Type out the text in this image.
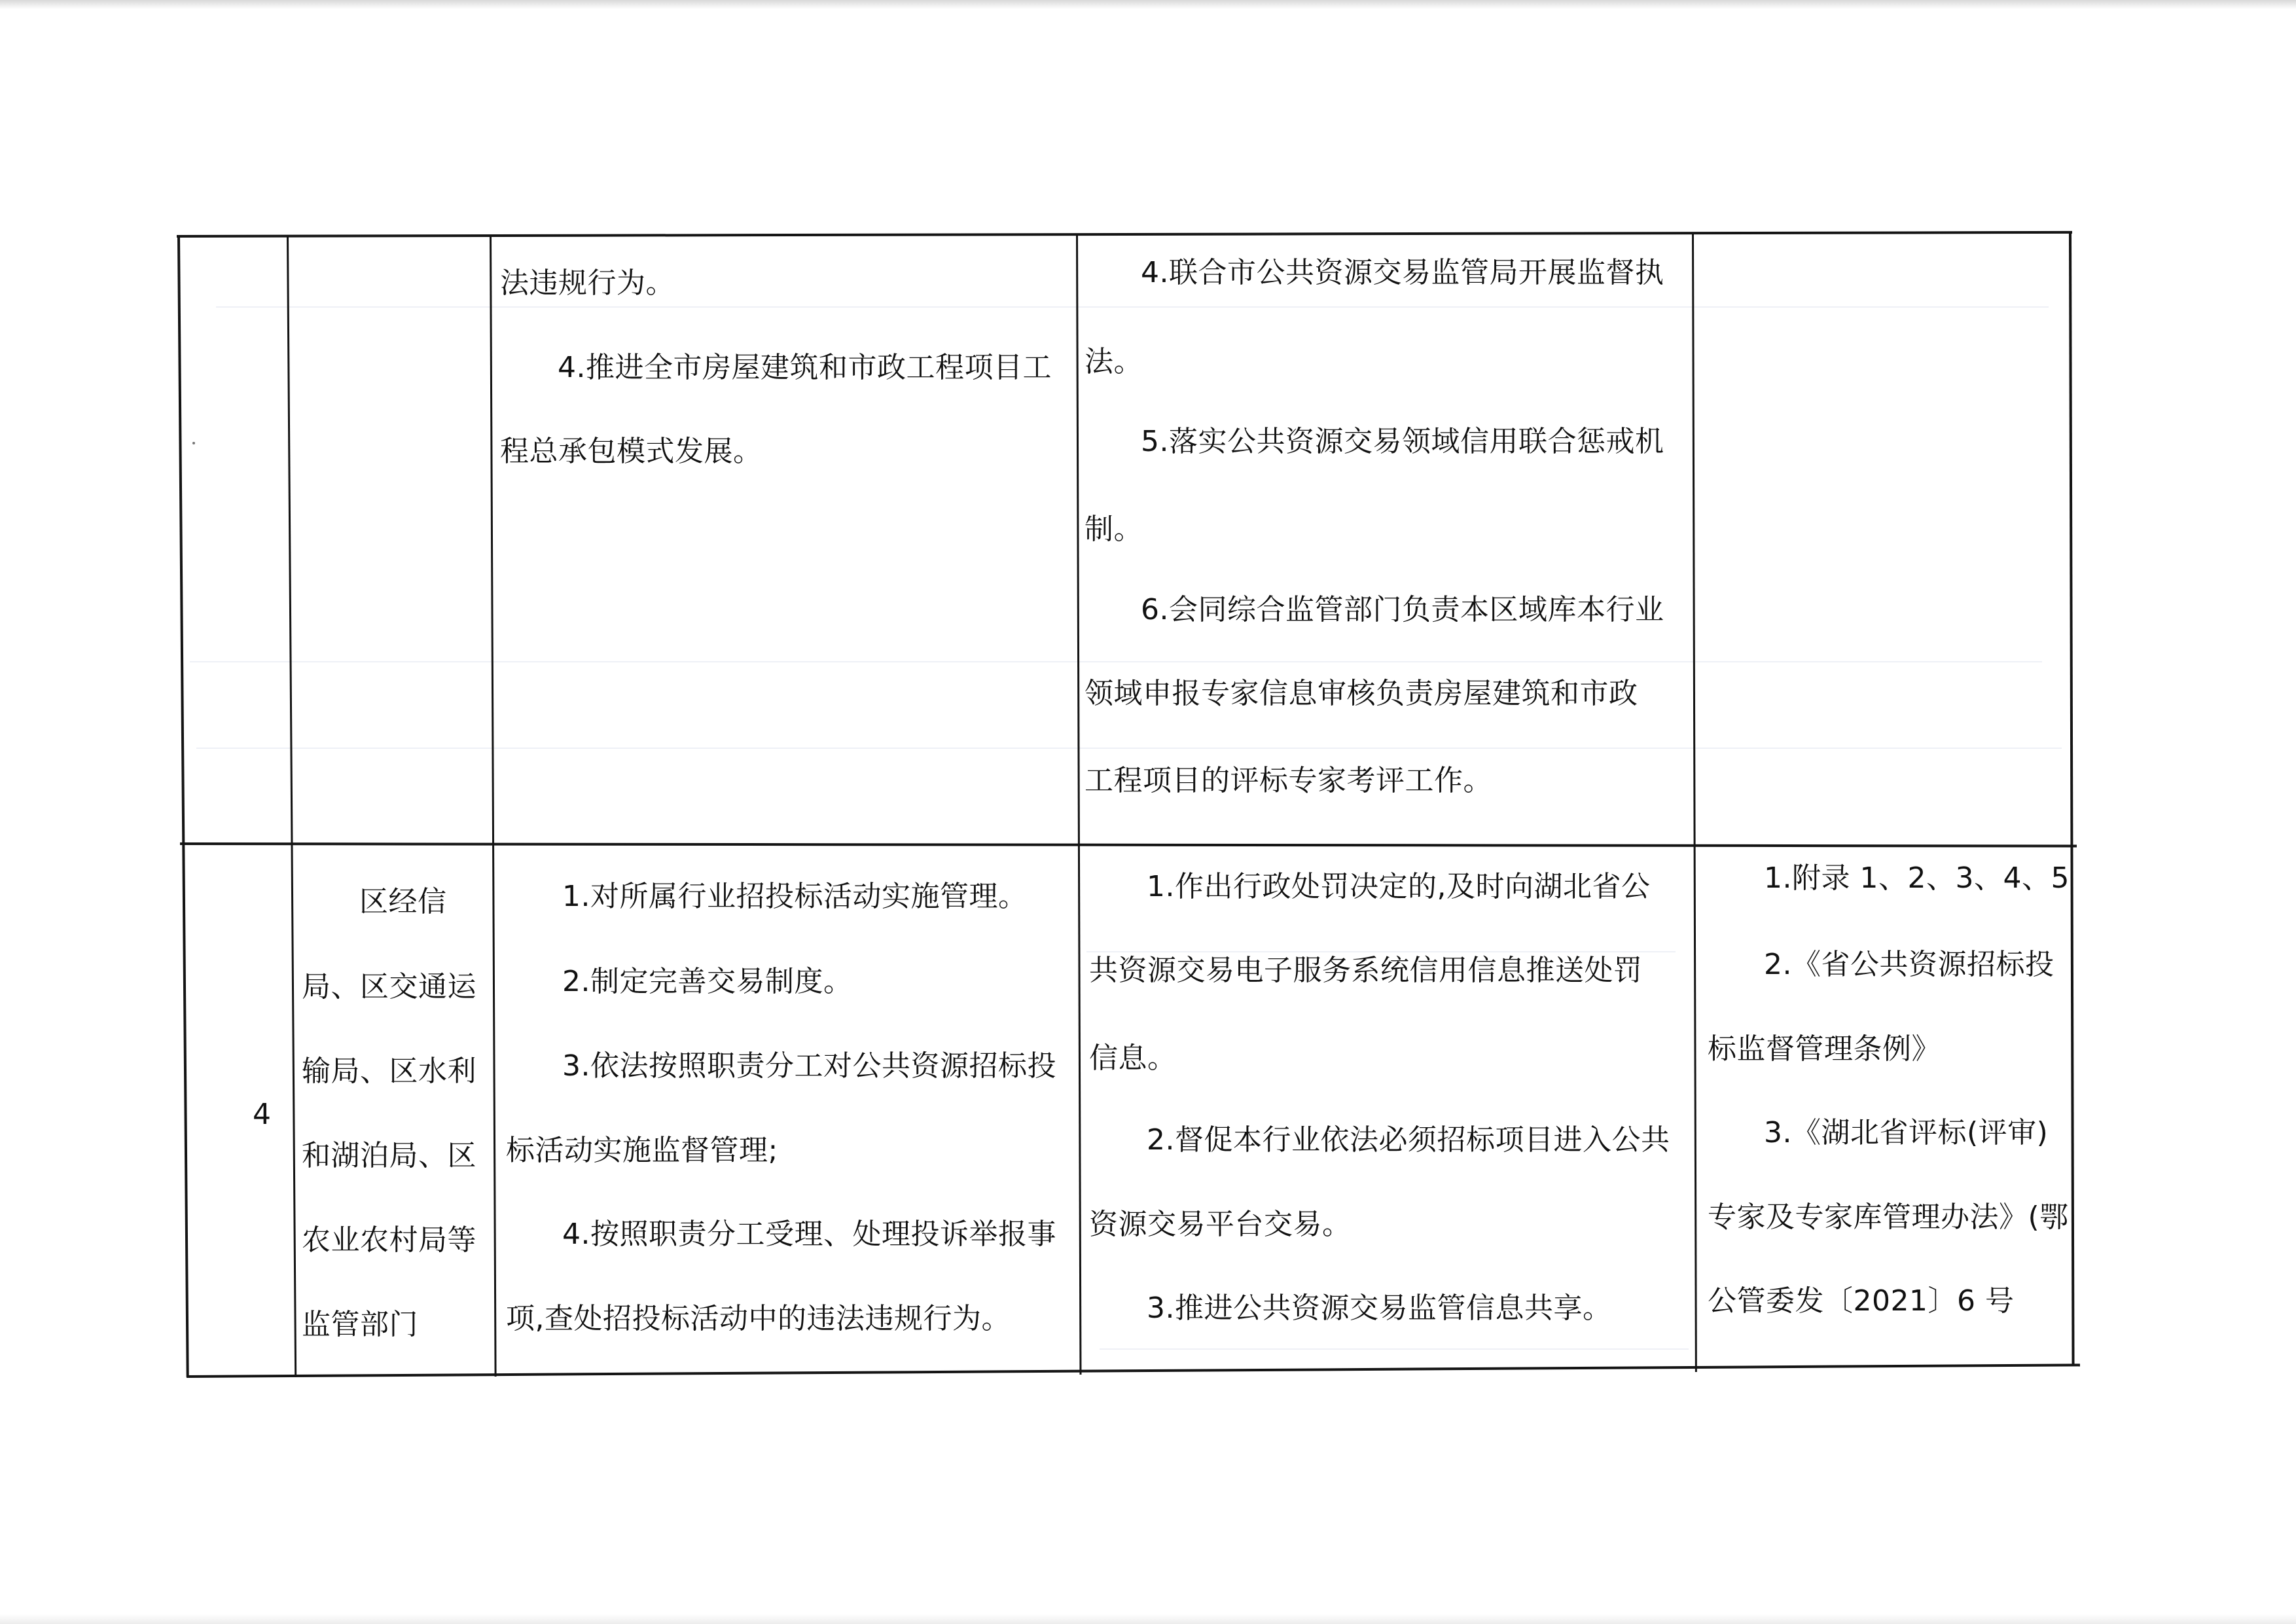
法违规行为。
4.推进全市房屋建筑和市政工程项目工
程总承包模式发展。
4.联合市公共资源交易监管局开展监督执
法。
5.落实公共资源交易领域信用联合惩戒机
制。
6.会同综合监管部门负责本区域库本行业
领域申报专家信息审核负责房屋建筑和市政
工程项目的评标专家考评工作。
4
区经信
局、区交通运
输局、区水利
和湖泊局、区
农业农村局等
监管部门
1.对所属行业招投标活动实施管理。
2.制定完善交易制度。
3.依法按照职责分工对公共资源招标投
标活动实施监督管理;
4.按照职责分工受理、处理投诉举报事
项,查处招投标活动中的违法违规行为。
1.作出行政处罚决定的,及时向湖北省公
共资源交易电子服务系统信用信息推送处罚
信息。
2.督促本行业依法必须招标项目进入公共
资源交易平台交易。
3.推进公共资源交易监管信息共享。
1.附录 1、2、3、4、5
2.《省公共资源招标投
标监督管理条例》
3.《湖北省评标(评审)
专家及专家库管理办法》(鄂
公管委发〔2021〕6 号
